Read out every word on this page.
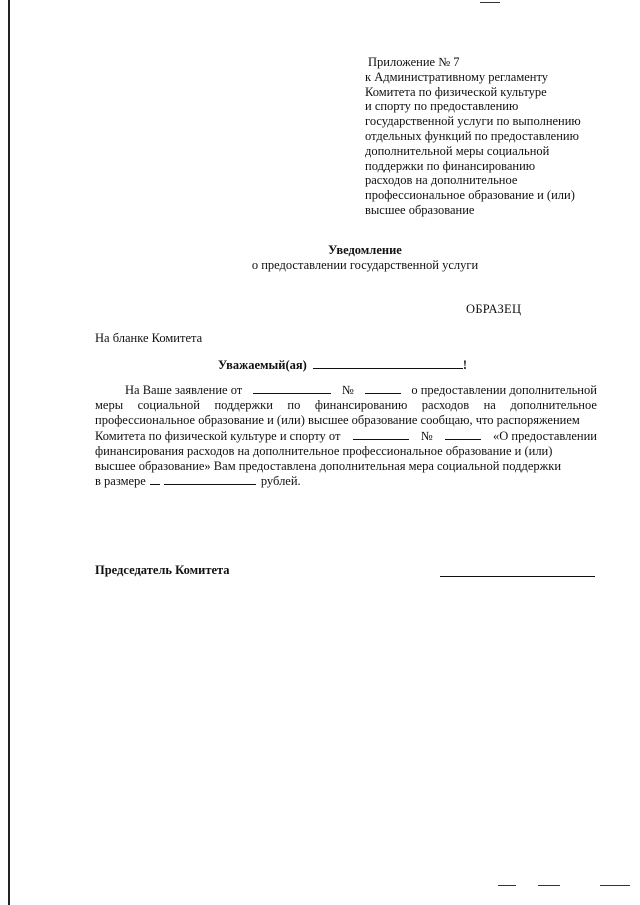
Приложение № 7
к Административному регламенту
Комитета по физической культуре
и спорту по предоставлению
государственной услуги по выполнению
отдельных функций по предоставлению
дополнительной меры социальной
поддержки по финансированию
расходов на дополнительное
профессиональное образование и (или)
высшее образование
Уведомление
о предоставлении государственной услуги
ОБРАЗЕЦ
На бланке Комитета
Уважаемый(ая)	!
На Ваше заявление от	№	о предоставлении дополнительной
меры социальной поддержки по финансированию расходов на дополнительное
профессиональное образование и (или) высшее образование сообщаю, что распоряжением
Комитета по физической культуре и спорту от	№	«О предоставлении
финансирования расходов на дополнительное профессиональное образование и (или)
высшее образование» Вам предоставлена дополнительная мера социальной поддержки
в размере	рублей.
Председатель Комитета
